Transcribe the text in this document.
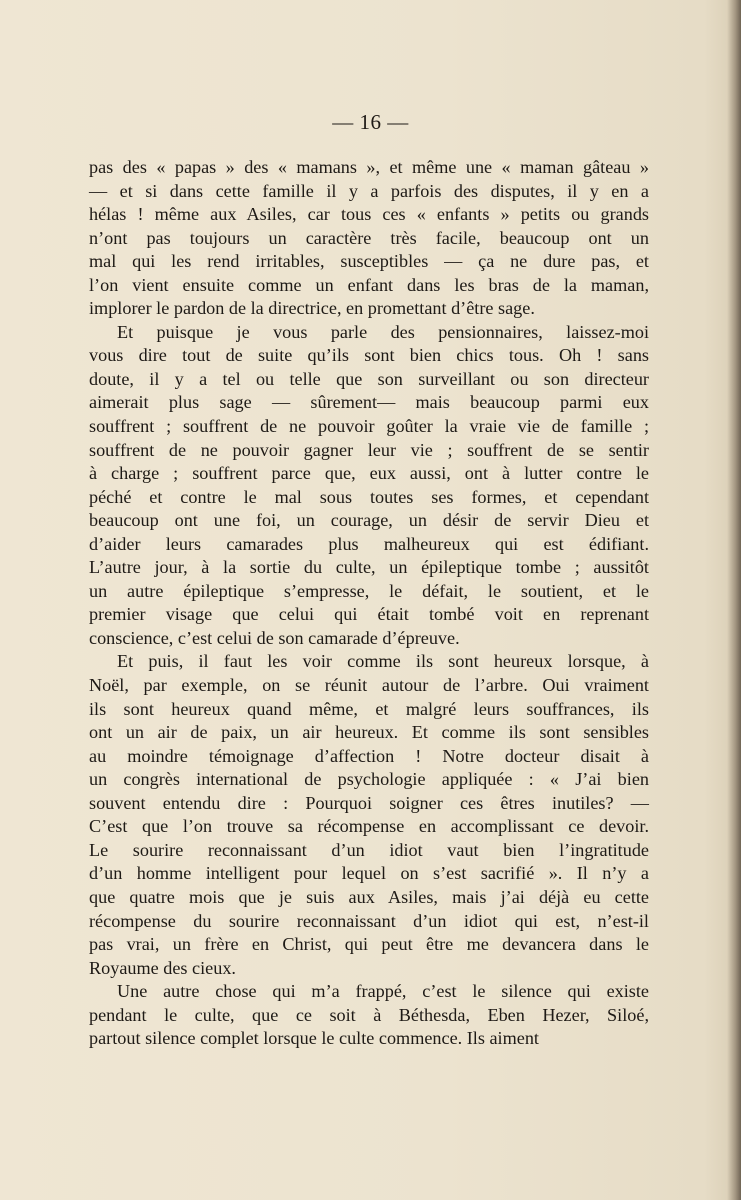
— 16 —
pas des « papas » des « mamans », et même une « maman gâteau »
— et si dans cette famille il y a parfois des disputes, il y en a
hélas ! même aux Asiles, car tous ces « enfants » petits ou grands
n’ont pas toujours un caractère très facile, beaucoup ont un
mal qui les rend irritables, susceptibles — ça ne dure pas, et
l’on vient ensuite comme un enfant dans les bras de la maman,
implorer le pardon de la directrice, en promettant d’être sage.
Et puisque je vous parle des pensionnaires, laissez-moi
vous dire tout de suite qu’ils sont bien chics tous. Oh ! sans
doute, il y a tel ou telle que son surveillant ou son directeur
aimerait plus sage — sûrement— mais beaucoup parmi eux
souffrent ; souffrent de ne pouvoir goûter la vraie vie de famille ;
souffrent de ne pouvoir gagner leur vie ; souffrent de se sentir
à charge ; souffrent parce que, eux aussi, ont à lutter contre le
péché et contre le mal sous toutes ses formes, et cependant
beaucoup ont une foi, un courage, un désir de servir Dieu et
d’aider leurs camarades plus malheureux qui est édifiant.
L’autre jour, à la sortie du culte, un épileptique tombe ; aussitôt
un autre épileptique s’empresse, le défait, le soutient, et le
premier visage que celui qui était tombé voit en reprenant
conscience, c’est celui de son camarade d’épreuve.
Et puis, il faut les voir comme ils sont heureux lorsque, à
Noël, par exemple, on se réunit autour de l’arbre. Oui vraiment
ils sont heureux quand même, et malgré leurs souffrances, ils
ont un air de paix, un air heureux. Et comme ils sont sensibles
au moindre témoignage d’affection ! Notre docteur disait à
un congrès international de psychologie appliquée : « J’ai bien
souvent entendu dire : Pourquoi soigner ces êtres inutiles? —
C’est que l’on trouve sa récompense en accomplissant ce devoir.
Le sourire reconnaissant d’un idiot vaut bien l’ingratitude
d’un homme intelligent pour lequel on s’est sacrifié ». Il n’y a
que quatre mois que je suis aux Asiles, mais j’ai déjà eu cette
récompense du sourire reconnaissant d’un idiot qui est, n’est-il
pas vrai, un frère en Christ, qui peut être me devancera dans le
Royaume des cieux.
Une autre chose qui m’a frappé, c’est le silence qui existe
pendant le culte, que ce soit à Béthesda, Eben Hezer, Siloé,
partout silence complet lorsque le culte commence. Ils aiment
